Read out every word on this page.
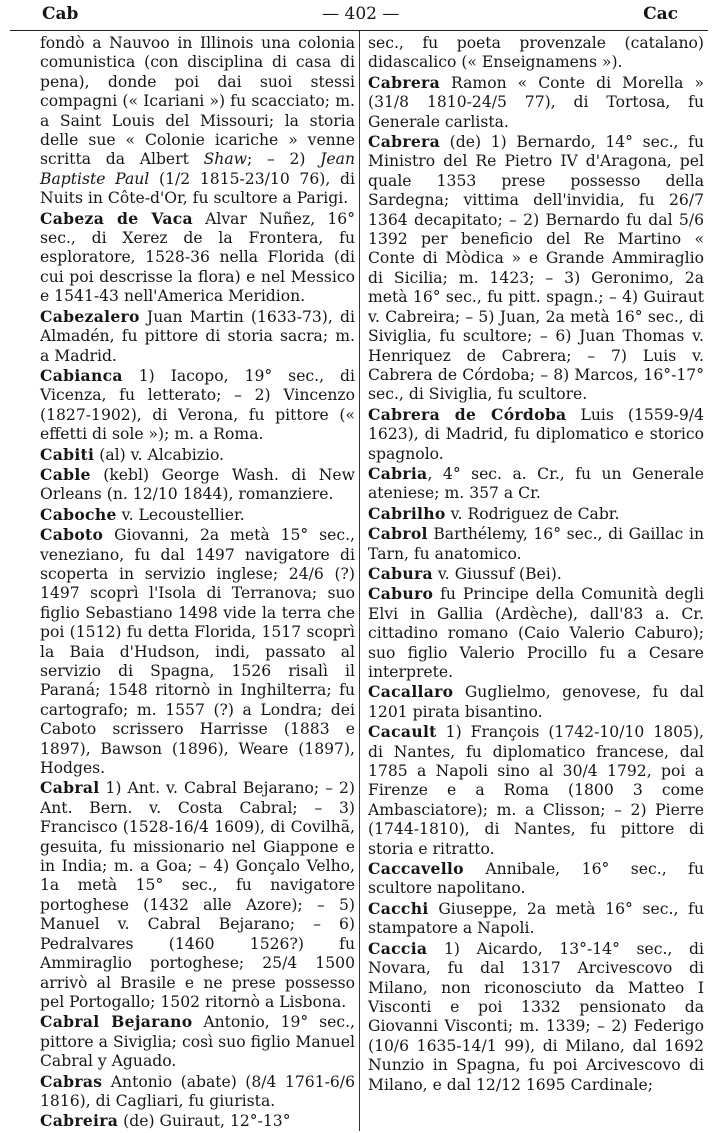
Cab	— 402 —	Cac

fondò a Nauvoo in Illinois una colonia comunistica (con disciplina di casa di pena), donde poi dai suoi stessi compagni (« Icariani ») fu scacciato; m. a Saint Louis del Missouri; la storia delle sue « Colonie icariche » venne scritta da Albert Shaw; – 2) Jean Baptiste Paul (1/2 1815-23/10 76), di Nuits in Côte-d'Or, fu scultore a Parigi.

Cabeza de Vaca Alvar Nuñez, 16° sec., di Xerez de la Frontera, fu esploratore, 1528-36 nella Florida (di cui poi descrisse la flora) e nel Messico e 1541-43 nell'America Meridion.

Cabezalero Juan Martin (1633-73), di Almadén, fu pittore di storia sacra; m. a Madrid.

Cabianca 1) Iacopo, 19° sec., di Vicenza, fu letterato; – 2) Vincenzo (1827-1902), di Verona, fu pittore (« effetti di sole »); m. a Roma.

Cabiti (al) v. Alcabizio.

Cable (kebl) George Wash. di New Orleans (n. 12/10 1844), romanziere.

Caboche v. Lecoustellier.

Caboto Giovanni, 2a metà 15° sec., veneziano, fu dal 1497 navigatore di scoperta in servizio inglese; 24/6 (?) 1497 scoprì l'Isola di Terranova; suo figlio Sebastiano 1498 vide la terra che poi (1512) fu detta Florida, 1517 scoprì la Baia d'Hudson, indi, passato al servizio di Spagna, 1526 risalì il Paraná; 1548 ritornò in Inghilterra; fu cartografo; m. 1557 (?) a Londra; dei Caboto scrissero Harrisse (1883 e 1897), Bawson (1896), Weare (1897), Hodges.

Cabral 1) Ant. v. Cabral Bejarano; – 2) Ant. Bern. v. Costa Cabral; – 3) Francisco (1528-16/4 1609), di Covilhã, gesuita, fu missionario nel Giappone e in India; m. a Goa; – 4) Gonçalo Velho, 1a metà 15° sec., fu navigatore portoghese (1432 alle Azore); – 5) Manuel v. Cabral Bejarano; – 6) Pedralvares (1460 1526?) fu Ammiraglio portoghese; 25/4 1500 arrivò al Brasile e ne prese possesso pel Portogallo; 1502 ritornò a Lisbona.

Cabral Bejarano Antonio, 19° sec., pittore a Siviglia; così suo figlio Manuel Cabral y Aguado.

Cabras Antonio (abate) (8/4 1761-6/6 1816), di Cagliari, fu giurista.

Cabreira (de) Guiraut, 12°-13°

sec., fu poeta provenzale (catalano) didascalico (« Enseignamens »).

Cabrera Ramon « Conte di Morella » (31/8 1810-24/5 77), di Tortosa, fu Generale carlista.

Cabrera (de) 1) Bernardo, 14° sec., fu Ministro del Re Pietro IV d'Aragona, pel quale 1353 prese possesso della Sardegna; vittima dell'invidia, fu 26/7 1364 decapitato; – 2) Bernardo fu dal 5/6 1392 per beneficio del Re Martino « Conte di Mòdica » e Grande Ammiraglio di Sicilia; m. 1423; – 3) Geronimo, 2a metà 16° sec., fu pitt. spagn.; – 4) Guiraut v. Cabreira; – 5) Juan, 2a metà 16° sec., di Siviglia, fu scultore; – 6) Juan Thomas v. Henriquez de Cabrera; – 7) Luis v. Cabrera de Córdoba; – 8) Marcos, 16°-17° sec., di Siviglia, fu scultore.

Cabrera de Córdoba Luis (1559-9/4 1623), di Madrid, fu diplomatico e storico spagnolo.

Cabria, 4° sec. a. Cr., fu un Generale ateniese; m. 357 a Cr.

Cabrilho v. Rodriguez de Cabr.

Cabrol Barthélemy, 16° sec., di Gaillac in Tarn, fu anatomico.

Cabura v. Giussuf (Bei).

Caburo fu Principe della Comunità degli Elvi in Gallia (Ardèche), dall'83 a. Cr. cittadino romano (Caio Valerio Caburo); suo figlio Valerio Procillo fu a Cesare interprete.

Cacallaro Guglielmo, genovese, fu dal 1201 pirata bisantino.

Cacault 1) François (1742-10/10 1805), di Nantes, fu diplomatico francese, dal 1785 a Napoli sino al 30/4 1792, poi a Firenze e a Roma (1800 3 come Ambasciatore); m. a Clisson; – 2) Pierre (1744-1810), di Nantes, fu pittore di storia e ritratto.

Caccavello Annibale, 16° sec., fu scultore napolitano.

Cacchi Giuseppe, 2a metà 16° sec., fu stampatore a Napoli.

Caccia 1) Aicardo, 13°-14° sec., di Novara, fu dal 1317 Arcivescovo di Milano, non riconosciuto da Matteo I Visconti e poi 1332 pensionato da Giovanni Visconti; m. 1339; – 2) Federigo (10/6 1635-14/1 99), di Milano, dal 1692 Nunzio in Spagna, fu poi Arcivescovo di Milano, e dal 12/12 1695 Cardinale;
